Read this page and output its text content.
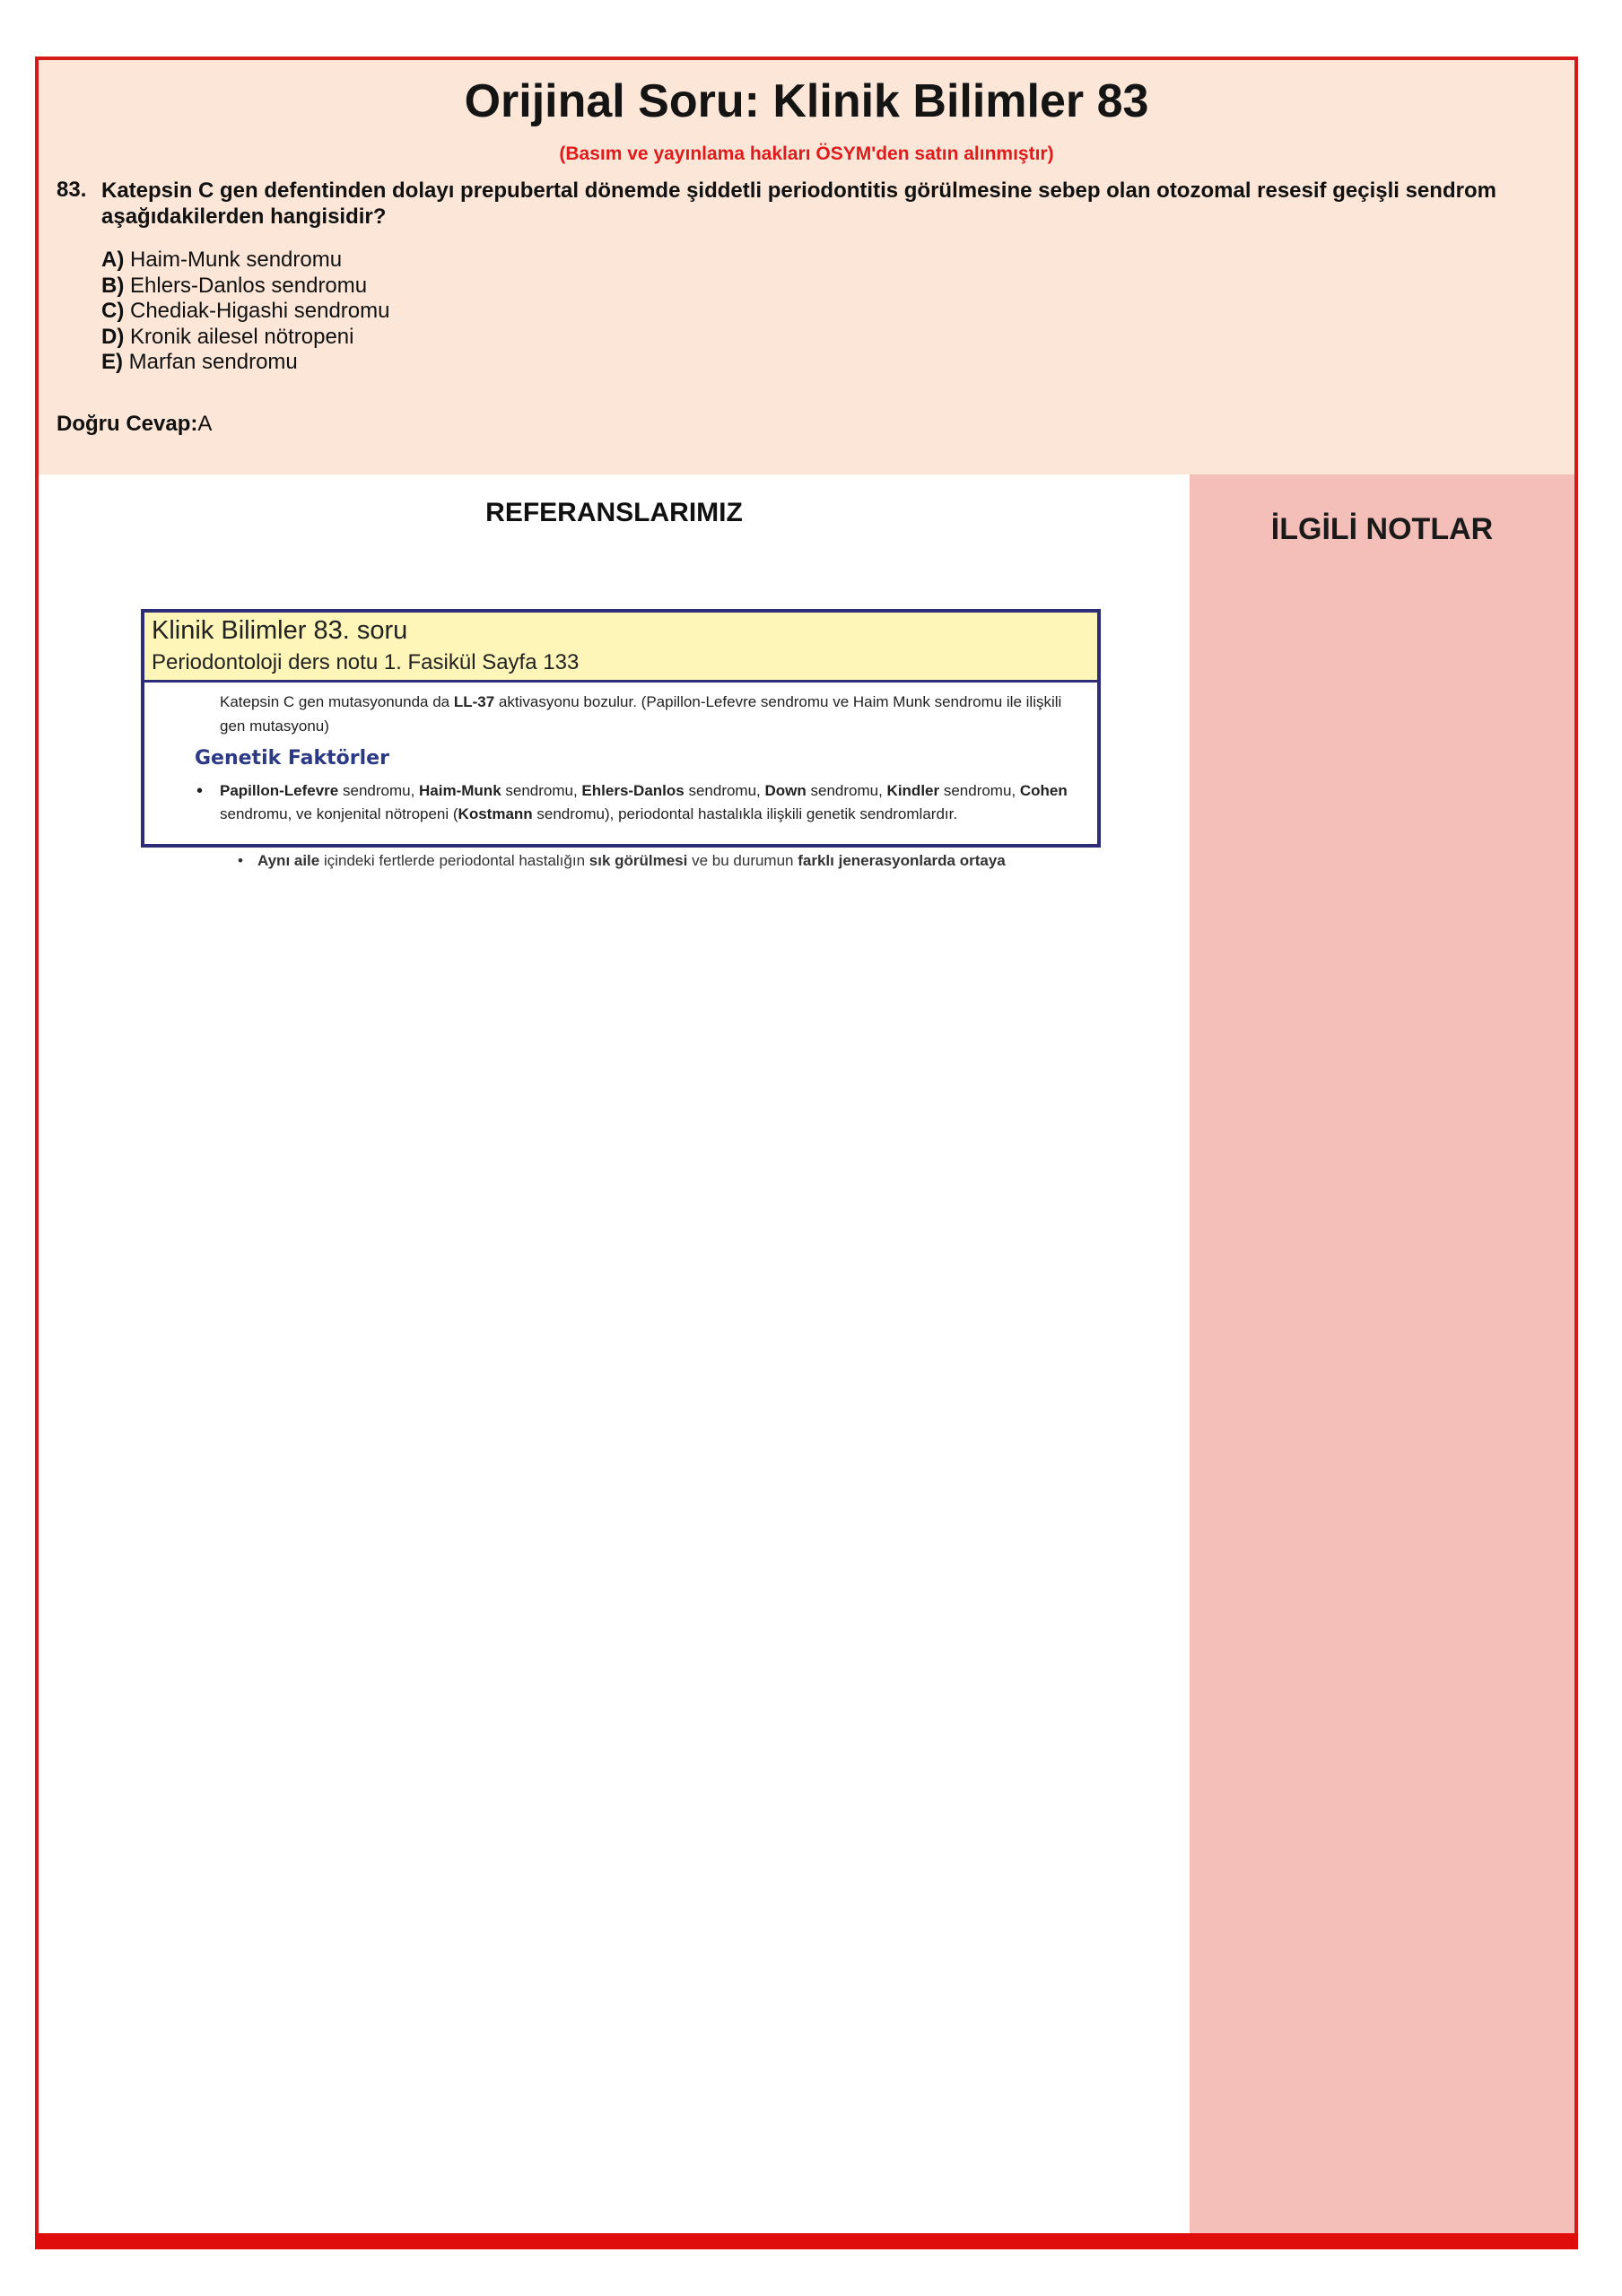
Orijinal Soru: Klinik Bilimler 83
(Basım ve yayınlama hakları ÖSYM'den satın alınmıştır)
83. Katepsin C gen defentinden dolayı prepubertal dönemde şiddetli periodontitis görülmesine sebep olan otozomal resesif geçişli sendrom aşağıdakilerden hangisidir?
A) Haim-Munk sendromu
B) Ehlers-Danlos sendromu
C) Chediak-Higashi sendromu
D) Kronik ailesel nötropeni
E) Marfan sendromu
Doğru Cevap:A
REFERANSLARIMIZ
Klinik Bilimler 83. soru
Periodontoloji ders notu 1. Fasikül Sayfa 133
Katepsin C gen mutasyonunda da LL-37 aktivasyonu bozulur. (Papillon-Lefevre sendromu ve Haim Munk sendromu ile ilişkili gen mutasyonu)
Genetik Faktörler
• Papillon-Lefevre sendromu, Haim-Munk sendromu, Ehlers-Danlos sendromu, Down sendromu, Kindler sendromu, Cohen sendromu, ve konjenital nötropeni (Kostmann sendromu), periodontal hastalıkla ilişkili genetik sendromlardır.
• Aynı aile içindeki fertlerde periodontal hastalığın sık görülmesi ve bu durumun farklı jenerasyonlarda ortaya
İLGİLİ NOTLAR
